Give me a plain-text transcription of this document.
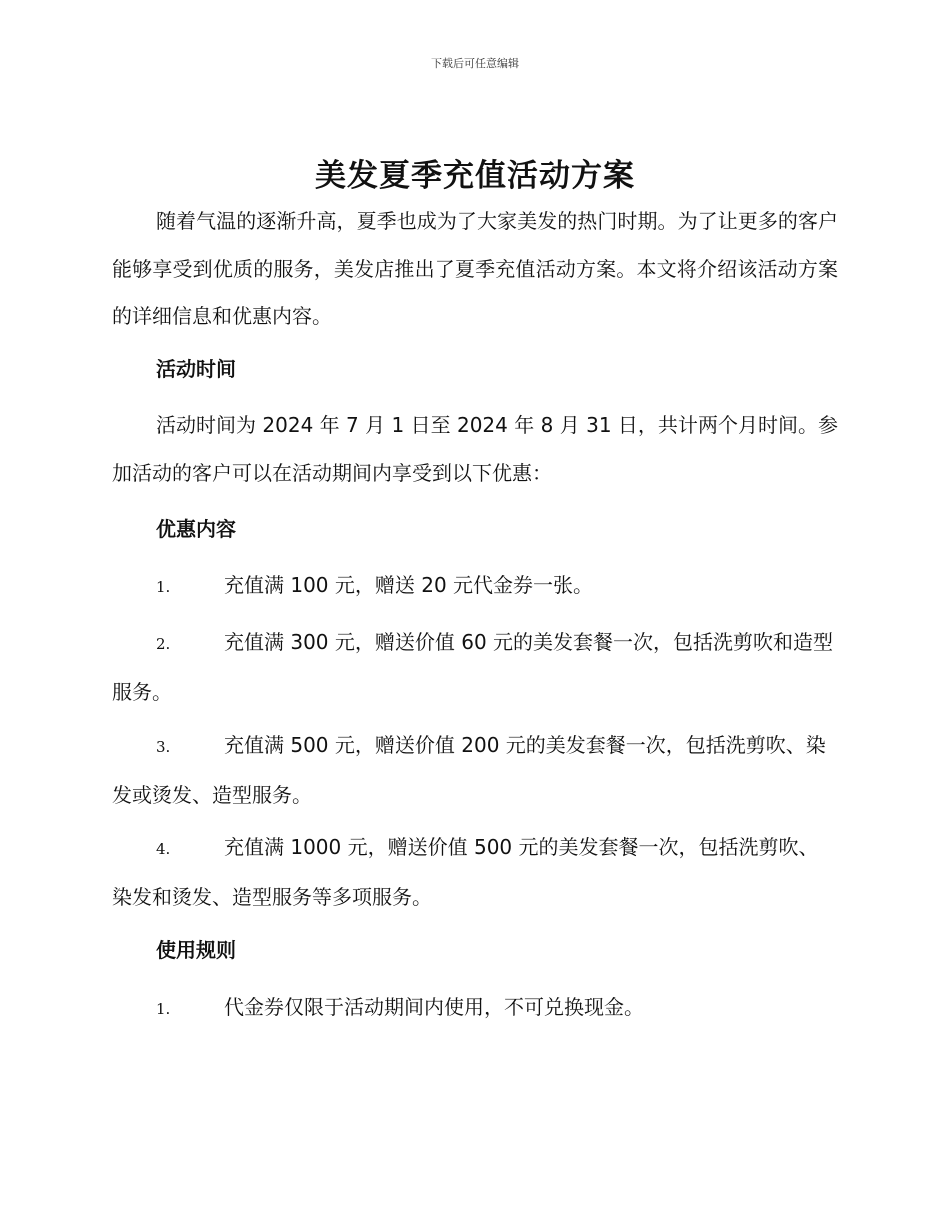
下载后可任意编辑
美发夏季充值活动方案

随着气温的逐渐升高，夏季也成为了大家美发的热门时期。为了让更多的客户能够享受到优质的服务，美发店推出了夏季充值活动方案。本文将介绍该活动方案的详细信息和优惠内容。

活动时间

活动时间为 2024 年 7 月 1 日至 2024 年 8 月 31 日，共计两个月时间。参加活动的客户可以在活动期间内享受到以下优惠：

优惠内容

1.	充值满 100 元，赠送 20 元代金券一张。

2.	充值满 300 元，赠送价值 60 元的美发套餐一次，包括洗剪吹和造型服务。

3.	充值满 500 元，赠送价值 200 元的美发套餐一次，包括洗剪吹、染发或烫发、造型服务。

4.	充值满 1000 元，赠送价值 500 元的美发套餐一次，包括洗剪吹、染发和烫发、造型服务等多项服务。

使用规则

1.	代金券仅限于活动期间内使用，不可兑换现金。
